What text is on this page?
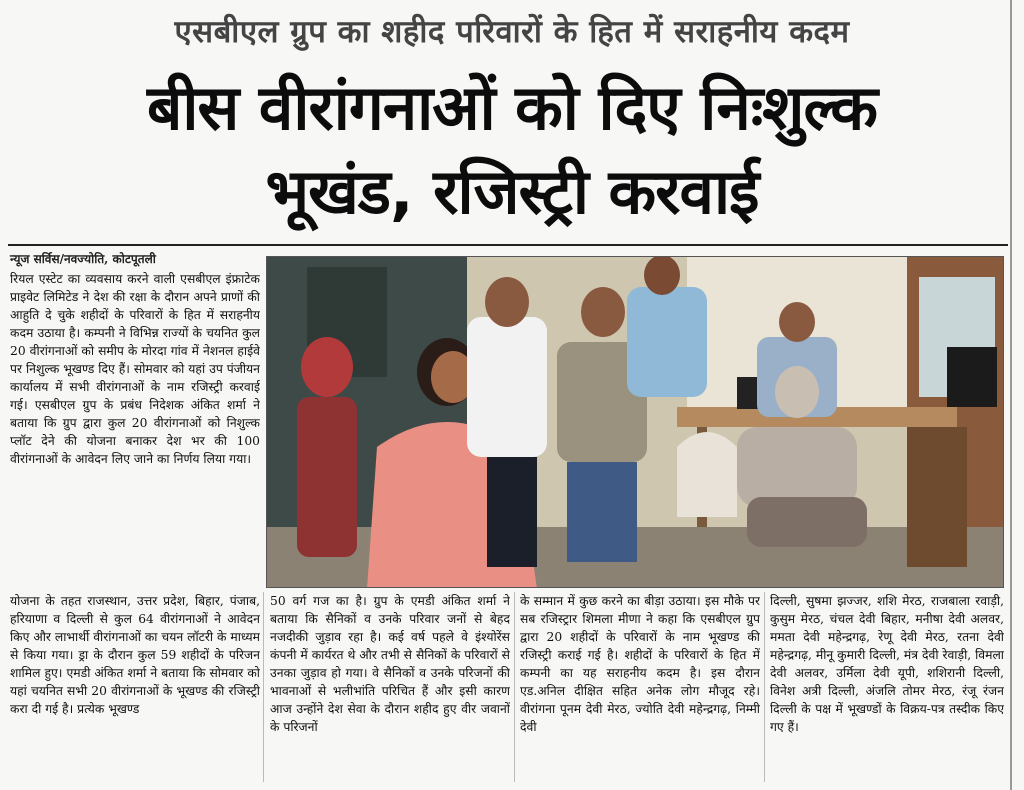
एसबीएल ग्रुप का शहीद परिवारों के हित में सराहनीय कदम
बीस वीरांगनाओं को दिए निःशुल्क
भूखंड, रजिस्ट्री करवाई
न्यूज सर्विस/नवज्योति, कोटपूतली

रियल एस्टेट का व्यवसाय करने वाली एसबीएल इंफ्राटेक प्राइवेट लिमिटेड ने देश की रक्षा के दौरान अपने प्राणों की आहुति दे चुके शहीदों के परिवारों के हित में सराहनीय कदम उठाया है। कम्पनी ने विभिन्न राज्यों के चयनित कुल 20 वीरांगनाओं को समीप के मोरदा गांव में नेशनल हाईवे पर निशुल्क भूखण्ड दिए हैं। सोमवार को यहां उप पंजीयन कार्यालय में सभी वीरांगनाओं के नाम रजिस्ट्री करवाई गई। एसबीएल ग्रुप के प्रबंध निदेशक अंकित शर्मा ने बताया कि ग्रुप द्वारा कुल 20 वीरांगनाओं को निशुल्क प्लॉट देने की योजना बनाकर देश भर की 100 वीरांगनाओं के आवेदन लिए जाने का निर्णय लिया गया।

योजना के तहत राजस्थान, उत्तर प्रदेश, बिहार, पंजाब, हरियाणा व दिल्ली से कुल 64 वीरांगनाओं ने आवेदन किए और लाभार्थी वीरांगनाओं का चयन लॉटरी के माध्यम से किया गया। ड्रा के दौरान कुल 59 शहीदों के परिजन शामिल हुए। एमडी अंकित शर्मा ने बताया कि सोमवार को यहां चयनित सभी 20 वीरांगनाओं के भूखण्ड की रजिस्ट्री करा दी गई है। प्रत्येक भूखण्ड

50 वर्ग गज का है। ग्रुप के एमडी अंकित शर्मा ने बताया कि सैनिकों व उनके परिवार जनों से बेहद नजदीकी जुड़ाव रहा है। कई वर्ष पहले वे इंश्योरेंस कंपनी में कार्यरत थे और तभी से सैनिकों के परिवारों से उनका जुड़ाव हो गया। वे सैनिकों व उनके परिजनों की भावनाओं से भलीभांति परिचित हैं और इसी कारण आज उन्होंने देश सेवा के दौरान शहीद हुए वीर जवानों के परिजनों

के सम्मान में कुछ करने का बीड़ा उठाया। इस मौके पर सब रजिस्ट्रार शिमला मीणा ने कहा कि एसबीएल ग्रुप द्वारा 20 शहीदों के परिवारों के नाम भूखण्ड की रजिस्ट्री कराई गई है। शहीदों के परिवारों के हित में कम्पनी का यह सराहनीय कदम है। इस दौरान एड.अनिल दीक्षित सहित अनेक लोग मौजूद रहे। वीरांगना पूनम देवी मेरठ, ज्योति देवी महेन्द्रगढ़, निम्मी देवी

दिल्ली, सुषमा झज्जर, शशि मेरठ, राजबाला रवाड़ी, कुसुम मेरठ, चंचल देवी बिहार, मनीषा देवी अलवर, ममता देवी महेन्द्रगढ़, रेणू देवी मेरठ, रतना देवी महेन्द्रगढ़, मीनू कुमारी दिल्ली, मंत्र देवी रेवाड़ी, विमला देवी अलवर, उर्मिला देवी यूपी, शशिरानी दिल्ली, विनेश अत्री दिल्ली, अंजलि तोमर मेरठ, रंजू रंजन दिल्ली के पक्ष में भूखण्डों के विक्रय-पत्र तस्दीक किए गए हैं।
